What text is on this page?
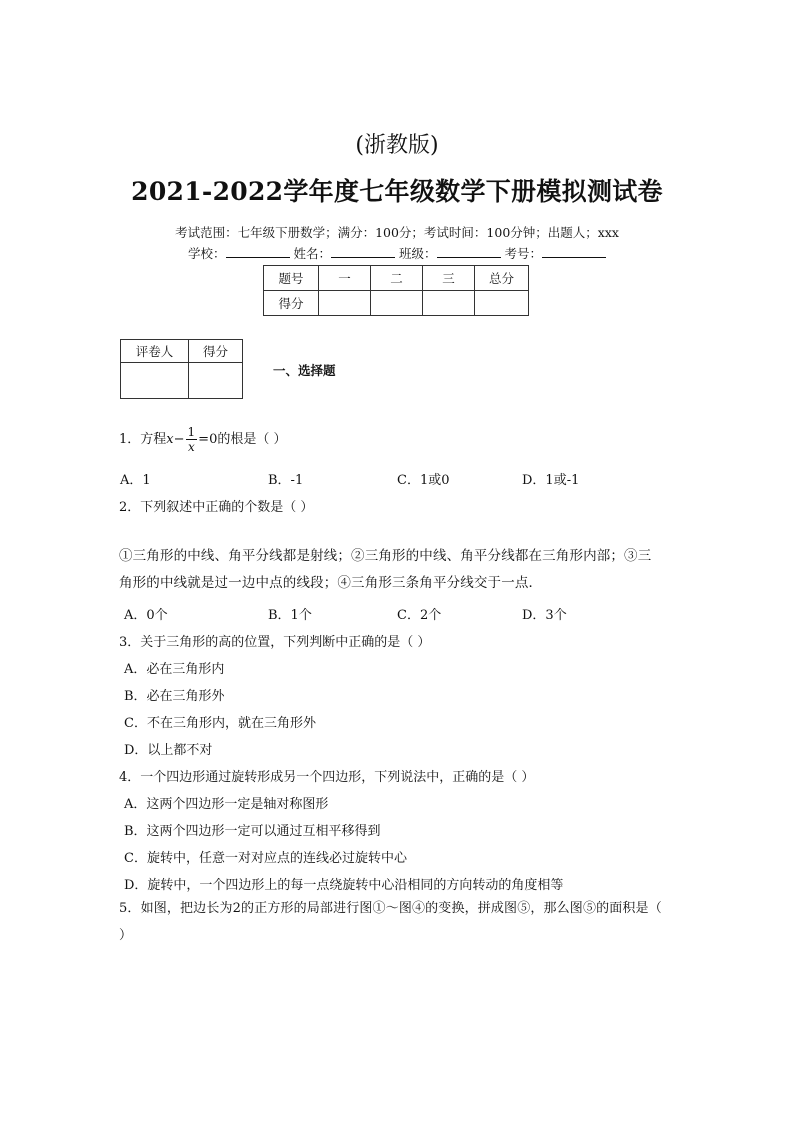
(浙教版)
2021-2022学年度七年级数学下册模拟测试卷
考试范围：七年级下册数学；满分：100分；考试时间：100分钟；出题人；xxx
学校：	姓名：	班级：	考号：
题号	一	二	三	总分
得分				
评卷人	得分

一、选择题
1．方程$x- \frac{1}{x} =0$的根是（ ）
A．1	B．-1	C．1或0	D．1或-1
2．下列叙述中正确的个数是（ ）
①三角形的中线、角平分线都是射线；②三角形的中线、角平分线都在三角形内部；③三角形的中线就是过一边中点的线段；④三角形三条角平分线交于一点．
A．0个	B．1个	C．2个	D．3个
3．关于三角形的高的位置，下列判断中正确的是（ ）
A．必在三角形内
B．必在三角形外
C．不在三角形内，就在三角形外
D．以上都不对
4．一个四边形通过旋转形成另一个四边形，下列说法中，正确的是（ ）
A．这两个四边形一定是轴对称图形
B．这两个四边形一定可以通过互相平移得到
C．旋转中，任意一对对应点的连线必过旋转中心
D．旋转中，一个四边形上的每一点绕旋转中心沿相同的方向转动的角度相等
5．如图，把边长为2的正方形的局部进行图①～图④的变换，拼成图⑤，那么图⑤的面积是（ ）
